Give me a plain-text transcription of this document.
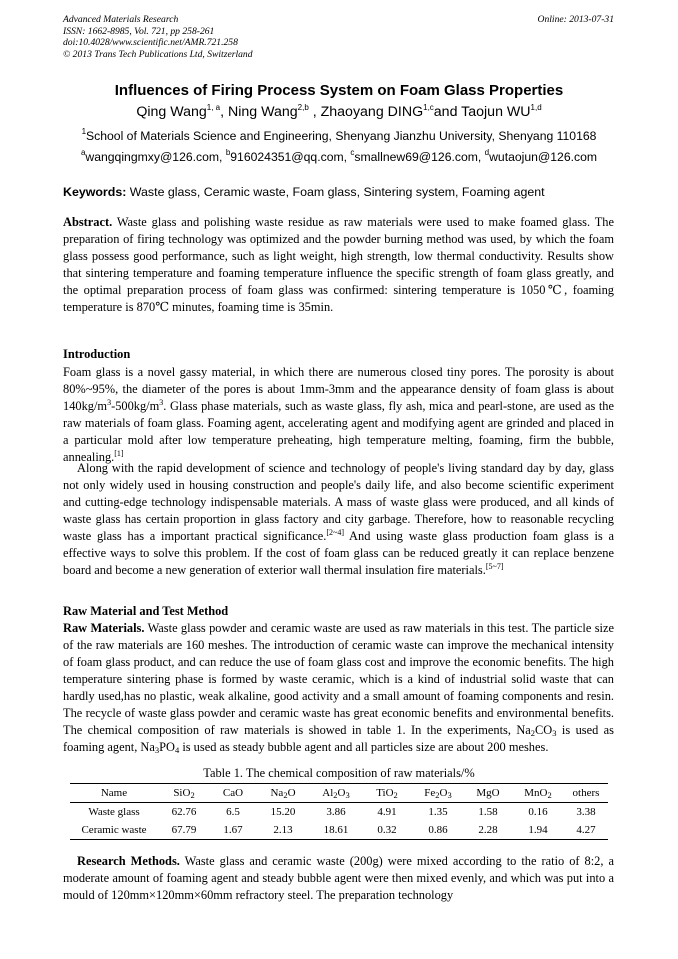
Advanced Materials Research
ISSN: 1662-8985, Vol. 721, pp 258-261
doi:10.4028/www.scientific.net/AMR.721.258
© 2013 Trans Tech Publications Ltd, Switzerland
Online: 2013-07-31
Influences of Firing Process System on Foam Glass Properties
Qing Wang$^{1, a}$, Ning Wang$^{2,b}$ , Zhaoyang DING$^{1,c}$and Taojun WU$^{1,d}$
$^1$School of Materials Science and Engineering, Shenyang Jianzhu University, Shenyang 110168
$^a$wangqingmxy@126.com, $^b$916024351@qq.com, $^c$smallnew69@126.com, $^d$wutaojun@126.com
Keywords: Waste glass, Ceramic waste, Foam glass, Sintering system, Foaming agent

Abstract. Waste glass and polishing waste residue as raw materials were used to make foamed glass. The preparation of firing technology was optimized and the powder burning method was used, by which the foam glass possess good performance, such as light weight, high strength, low thermal conductivity. Results show that sintering temperature and foaming temperature influence the specific strength of foam glass greatly, and the optimal preparation process of foam glass was confirmed: sintering temperature is 1050℃, foaming temperature is 870℃ minutes, foaming time is 35min.

Introduction

Foam glass is a novel gassy material, in which there are numerous closed tiny pores. The porosity is about 80%~95%, the diameter of the pores is about 1mm-3mm and the appearance density of foam glass is about $140kg/m^3-500kg/m^3$. Glass phase materials, such as waste glass, fly ash, mica and pearl-stone, are used as the raw materials of foam glass. Foaming agent, accelerating agent and modifying agent are grinded and placed in a particular mold after low temperature preheating, high temperature melting, foaming, firm the bubble, annealing.[1]

Along with the rapid development of science and technology of people's living standard day by day, glass not only widely used in housing construction and people's daily life, and also become scientific experiment and cutting-edge technology indispensable materials. A mass of waste glass were produced, and all kinds of waste glass has certain proportion in glass factory and city garbage. Therefore, how to reasonable recycling waste glass has a important practical significance.[2~4] And using waste glass production foam glass is a effective ways to solve this problem. If the cost of foam glass can be reduced greatly it can replace benzene board and become a new generation of exterior wall thermal insulation fire materials.[5~7]

Raw Material and Test Method

Raw Materials. Waste glass powder and ceramic waste are used as raw materials in this test. The particle size of the raw materials are 160 meshes. The introduction of ceramic waste can improve the mechanical intensity of foam glass product, and can reduce the use of foam glass cost and improve the economic benefits. The high temperature sintering phase is formed by waste ceramic, which is a kind of industrial solid waste that can hardly used,has no plastic, weak alkaline, good activity and a small amount of foaming components and resin. The recycle of waste glass powder and ceramic waste has great economic benefits and environmental benefits. The chemical composition of raw materials is showed in table 1. In the experiments, $Na_2CO_3$ is used as foaming agent, $Na_3PO_4$ is used as steady bubble agent and all particles size are about 200 meshes.

Table 1. The chemical composition of raw materials/%
Name	SiO$_2$	CaO	$Na_2O$	$Al_2O_3$	TiO$_2$	$Fe_2O_3$	MgO	MnO$_2$	others
Waste glass	62.76	6.5	15.20	3.86	4.91	1.35	1.58	0.16	3.38
Ceramic waste	67.79	1.67	2.13	18.61	0.32	0.86	2.28	1.94	4.27

Research Methods. Waste glass and ceramic waste (200g) were mixed according to the ratio of 8:2, a moderate amount of foaming agent and steady bubble agent were then mixed evenly, and which was put into a mould of 120mm×120mm×60mm refractory steel. The preparation technology
